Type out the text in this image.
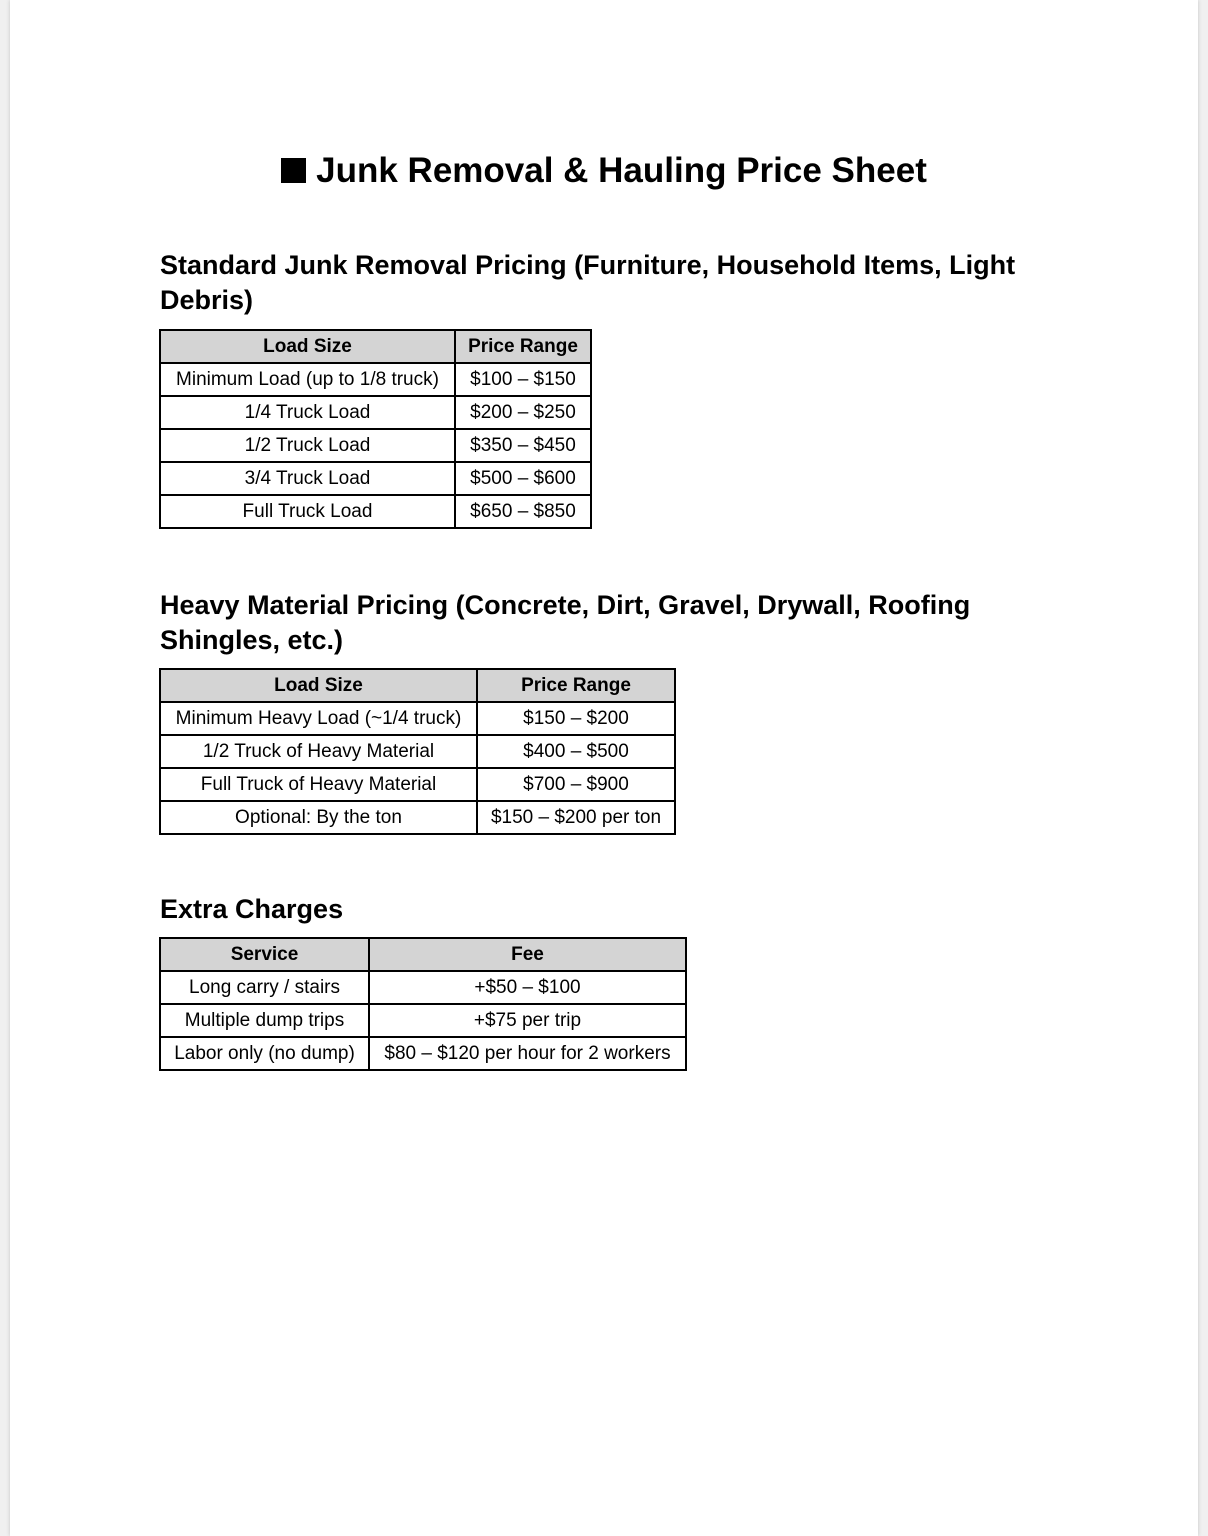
Junk Removal & Hauling Price Sheet
Standard Junk Removal Pricing (Furniture, Household Items, Light Debris)
Load Size	Price Range
Minimum Load (up to 1/8 truck)	$100 – $150
1/4 Truck Load	$200 – $250
1/2 Truck Load	$350 – $450
3/4 Truck Load	$500 – $600
Full Truck Load	$650 – $850
Heavy Material Pricing (Concrete, Dirt, Gravel, Drywall, Roofing Shingles, etc.)
Load Size	Price Range
Minimum Heavy Load (~1/4 truck)	$150 – $200
1/2 Truck of Heavy Material	$400 – $500
Full Truck of Heavy Material	$700 – $900
Optional: By the ton	$150 – $200 per ton
Extra Charges
Service	Fee
Long carry / stairs	+$50 – $100
Multiple dump trips	+$75 per trip
Labor only (no dump)	$80 – $120 per hour for 2 workers
